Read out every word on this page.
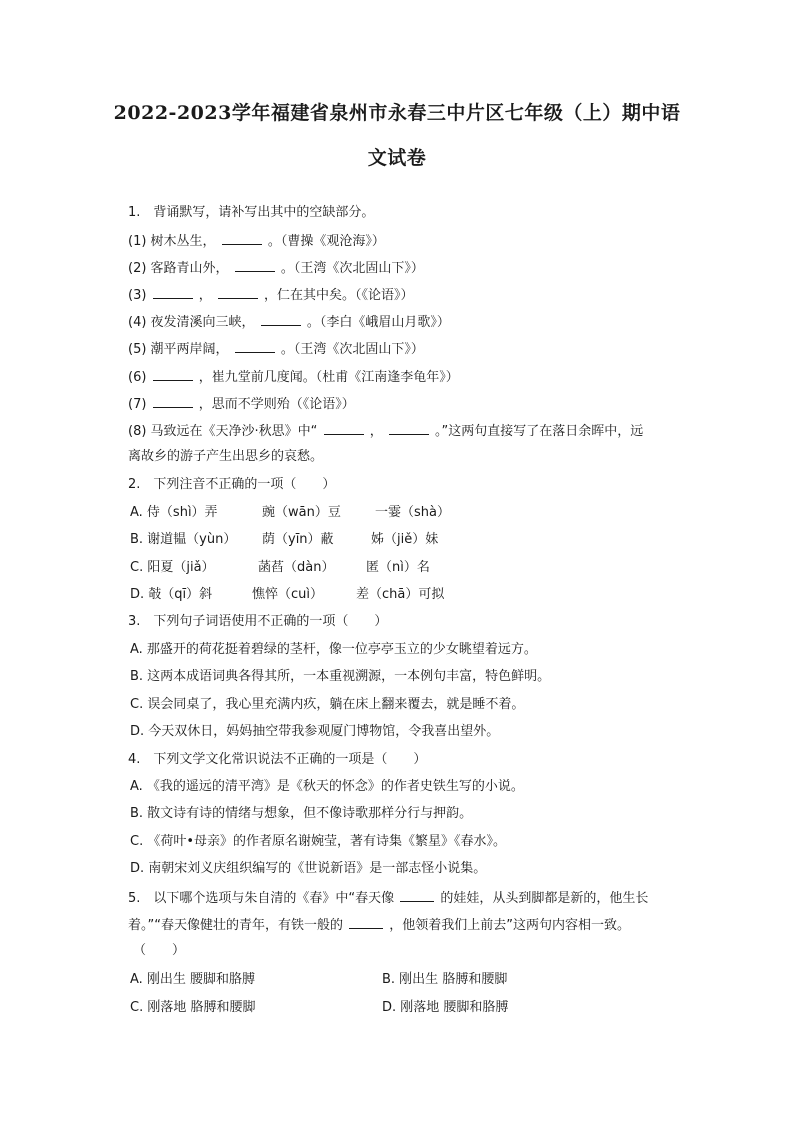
2022-2023学年福建省泉州市永春三中片区七年级（上）期中语
文试卷
1.　背诵默写，请补写出其中的空缺部分。
(1) 树木丛生，	。（曹操《观沧海》）
(2) 客路青山外，	。（王湾《次北固山下》）
(3)	，	，仁在其中矣。（《论语》）
(4) 夜发清溪向三峡，	。（李白《峨眉山月歌》）
(5) 潮平两岸阔，	。（王湾《次北固山下》）
(6)	，崔九堂前几度闻。（杜甫《江南逢李龟年》）
(7)	，思而不学则殆（《论语》）
(8) 马致远在《天净沙·秋思》中“	，	。”这两句直接写了在落日余晖中，远
离故乡的游子产生出思乡的哀愁。
2.　下列注音不正确的一项（　　）
A. 侍（shì）弄	豌（wān）豆	一霎（shà）
B. 谢道韫（yùn） 荫（yīn）蔽	姊（jiě）妹
C. 阳夏（jiǎ）	菡萏（dàn） 匿（nì）名
D. 攲（qī）斜	憔悴（cuì）	差（chā）可拟
3.　下列句子词语使用不正确的一项（　　）
A. 那盛开的荷花挺着碧绿的茎杆，像一位亭亭玉立的少女眺望着远方。
B. 这两本成语词典各得其所，一本重视溯源，一本例句丰富，特色鲜明。
C. 误会同桌了，我心里充满内疚，躺在床上翻来覆去，就是睡不着。
D. 今天双休日，妈妈抽空带我参观厦门博物馆，令我喜出望外。
4.　下列文学文化常识说法不正确的一项是（　　）
A. 《我的遥远的清平湾》是《秋天的怀念》的作者史铁生写的小说。
B. 散文诗有诗的情绪与想象，但不像诗歌那样分行与押韵。
C. 《荷叶•母亲》的作者原名谢婉莹，著有诗集《繁星》《春水》。
D. 南朝宋刘义庆组织编写的《世说新语》是一部志怪小说集。
5.　以下哪个选项与朱自清的《春》中“春天像	的娃娃，从头到脚都是新的，他生长
着。”“春天像健壮的青年，有铁一般的	，他领着我们上前去”这两句内容相一致。
（　　）
A. 刚出生 腰脚和胳膊	B. 刚出生 胳膊和腰脚
C. 刚落地 胳膊和腰脚	D. 刚落地 腰脚和胳膊
